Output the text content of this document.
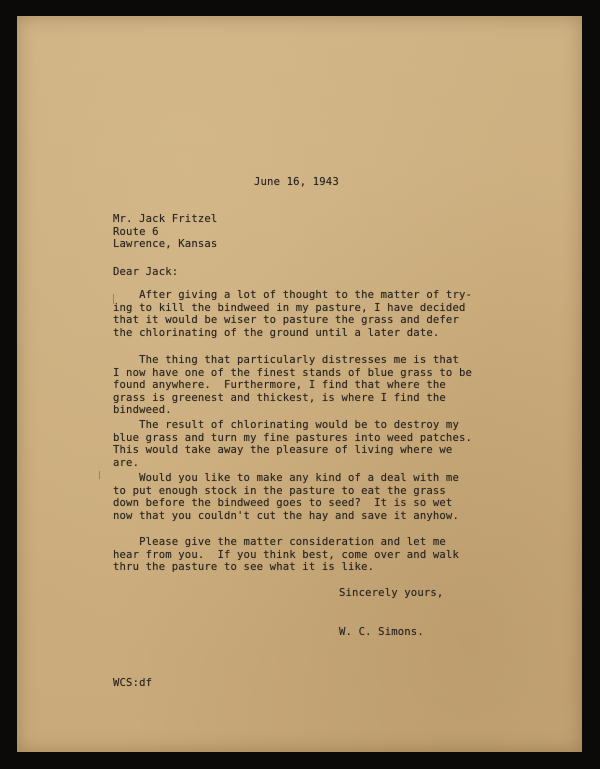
June 16, 1943

Mr. Jack Fritzel
Route 6
Lawrence, Kansas

Dear Jack:

After giving a lot of thought to the matter of try-
ing to kill the bindweed in my pasture, I have decided
that it would be wiser to pasture the grass and defer
the chlorinating of the ground until a later date.

The thing that particularly distresses me is that
I now have one of the finest stands of blue grass to be
found anywhere.  Furthermore, I find that where the
grass is greenest and thickest, is where I find the
bindweed.

The result of chlorinating would be to destroy my
blue grass and turn my fine pastures into weed patches.
This would take away the pleasure of living where we
are.

Would you like to make any kind of a deal with me
to put enough stock in the pasture to eat the grass
down before the bindweed goes to seed?  It is so wet
now that you couldn't cut the hay and save it anyhow.

Please give the matter consideration and let me
hear from you.  If you think best, come over and walk
thru the pasture to see what it is like.

Sincerely yours,

W. C. Simons.

WCS:df
